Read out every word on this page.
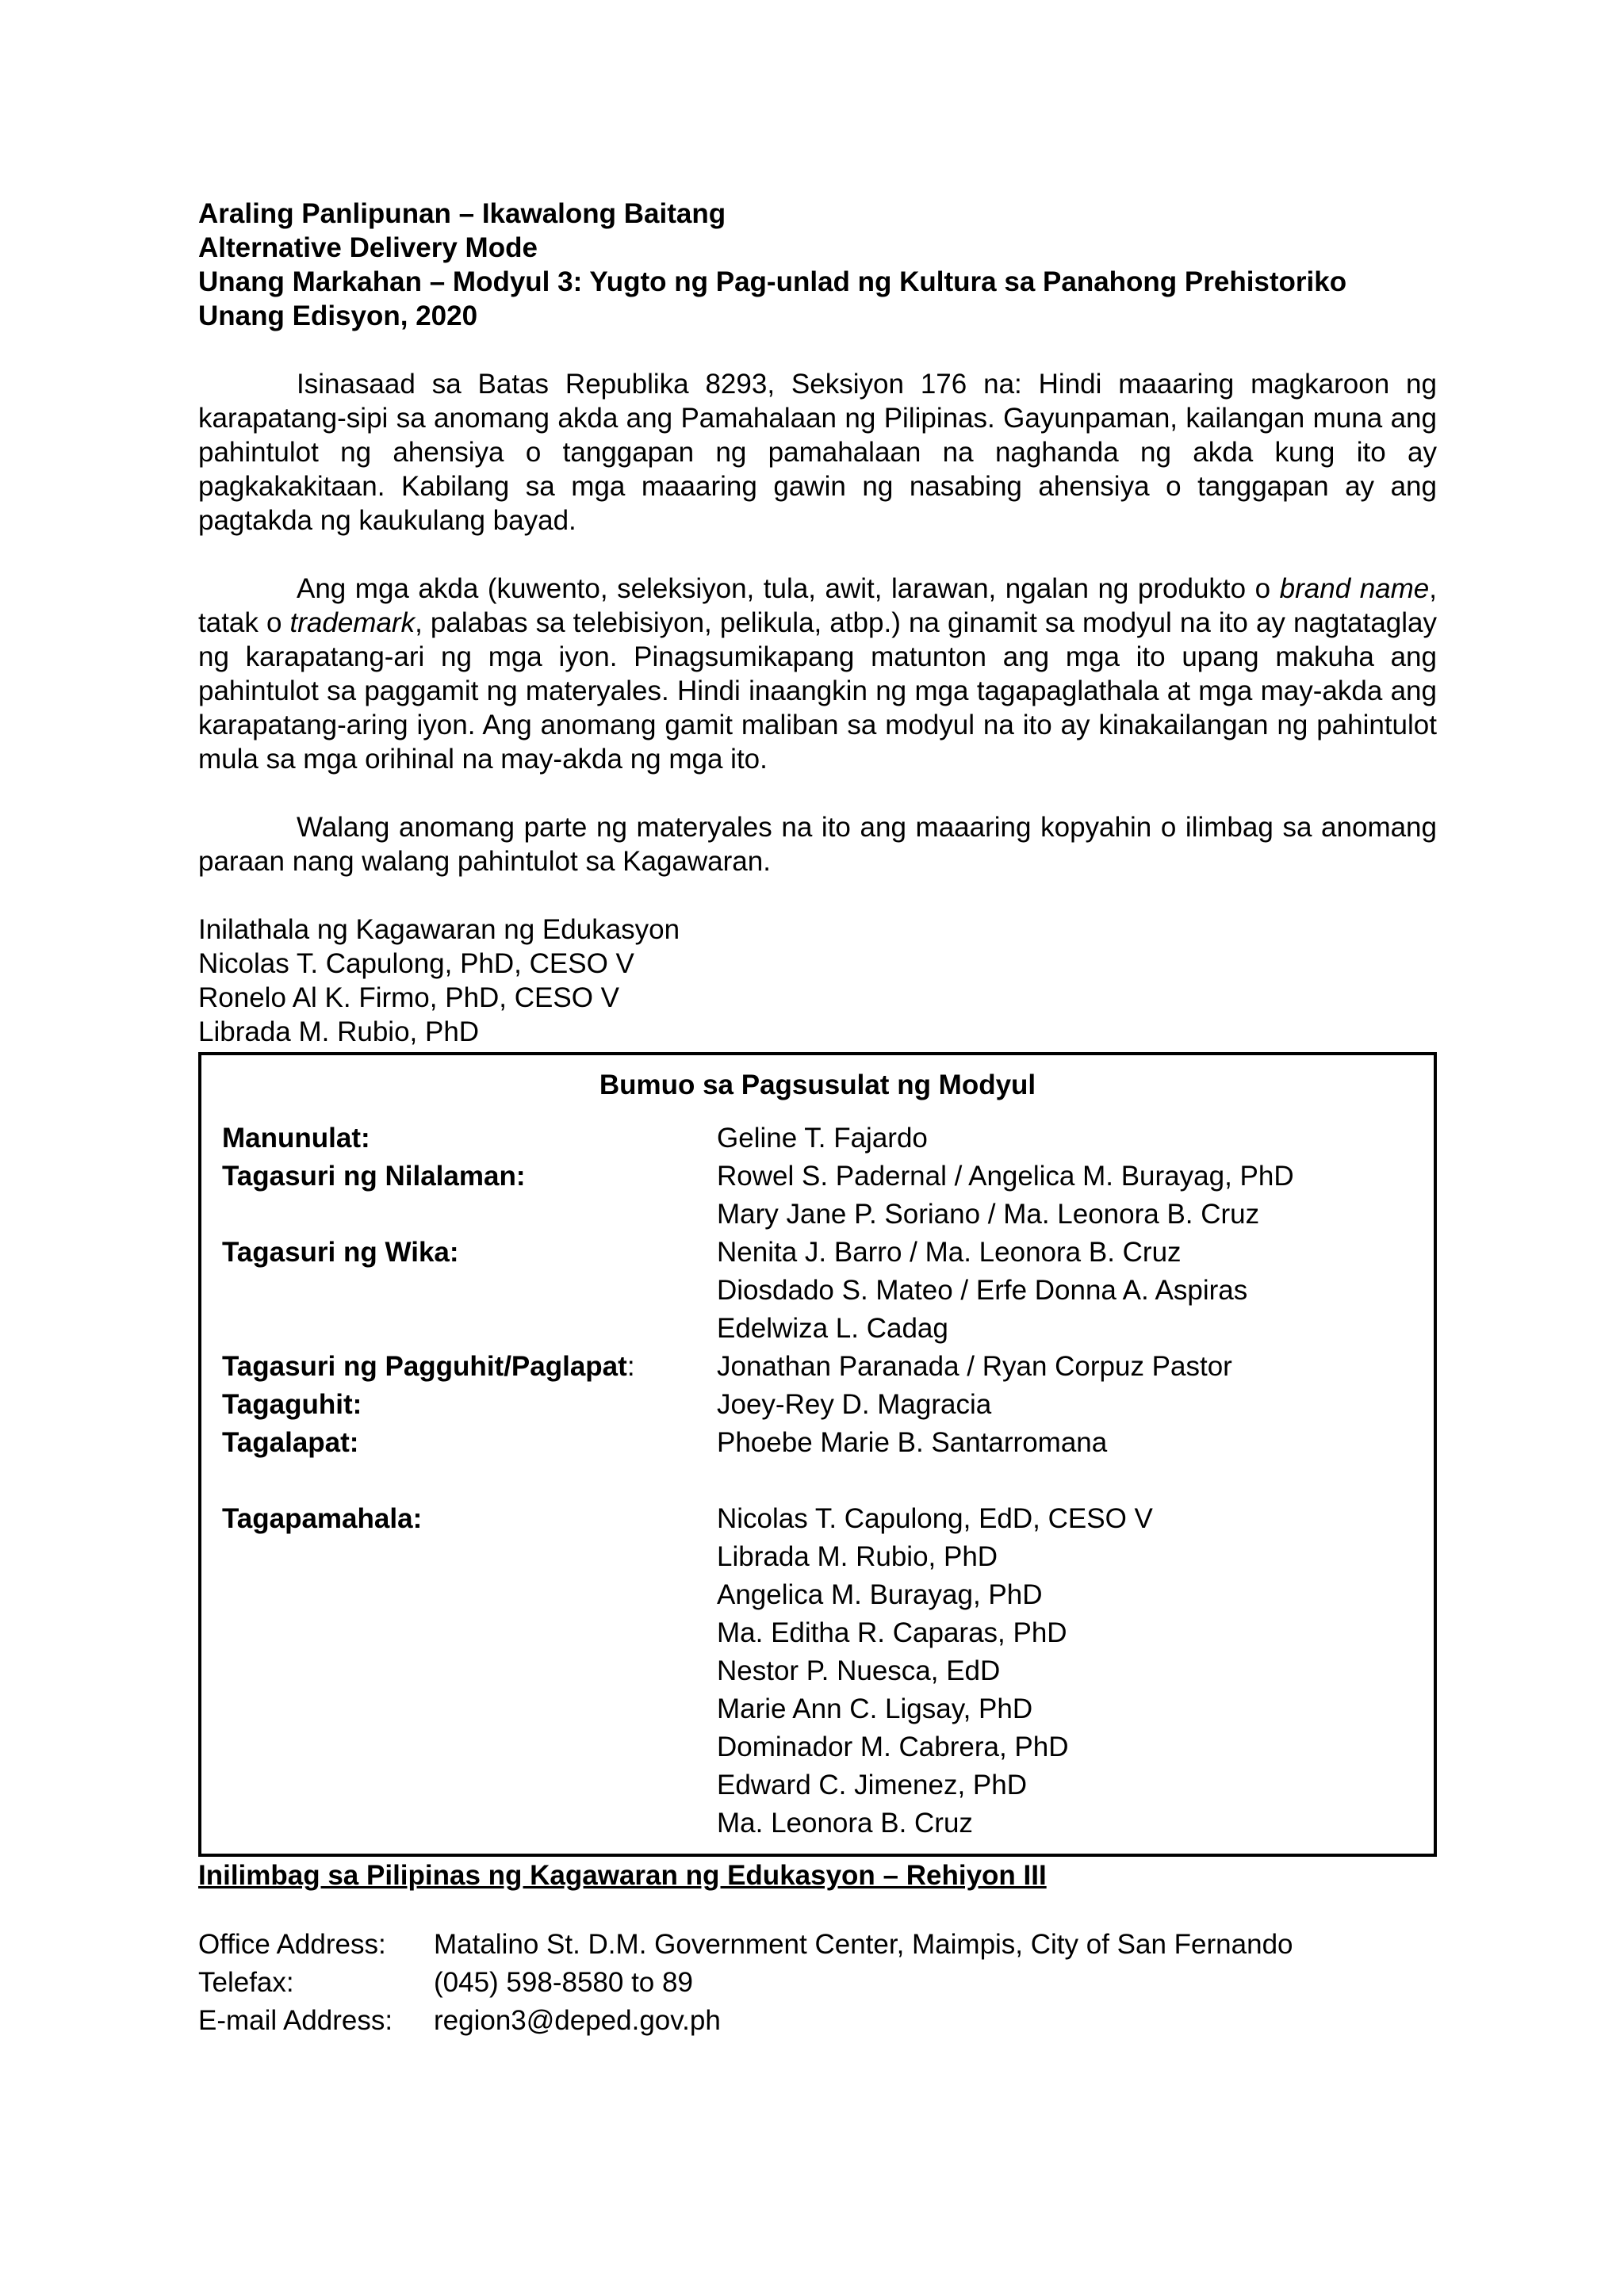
Araling Panlipunan – Ikawalong Baitang

Alternative Delivery Mode

Unang Markahan – Modyul 3: Yugto ng Pag-unlad ng Kultura sa Panahong Prehistoriko

Unang Edisyon, 2020

Isinasaad sa Batas Republika 8293, Seksiyon 176 na: Hindi maaaring magkaroon ng karapatang-sipi sa anomang akda ang Pamahalaan ng Pilipinas. Gayunpaman, kailangan muna ang pahintulot ng ahensiya o tanggapan ng pamahalaan na naghanda ng akda kung ito ay pagkakakitaan. Kabilang sa mga maaaring gawin ng nasabing ahensiya o tanggapan ay ang pagtakda ng kaukulang bayad.

Ang mga akda (kuwento, seleksiyon, tula, awit, larawan, ngalan ng produkto o brand name, tatak o trademark, palabas sa telebisiyon, pelikula, atbp.) na ginamit sa modyul na ito ay nagtataglay ng karapatang-ari ng mga iyon. Pinagsumikapang matunton ang mga ito upang makuha ang pahintulot sa paggamit ng materyales. Hindi inaangkin ng mga tagapaglathala at mga may-akda ang karapatang-aring iyon. Ang anomang gamit maliban sa modyul na ito ay kinakailangan ng pahintulot mula sa mga orihinal na may-akda ng mga ito.

Walang anomang parte ng materyales na ito ang maaaring kopyahin o ilimbag sa anomang paraan nang walang pahintulot sa Kagawaran.

Inilathala ng Kagawaran ng Edukasyon
Nicolas T. Capulong, PhD, CESO V
Ronelo Al K. Firmo, PhD, CESO V
Librada M. Rubio, PhD
Bumuo sa Pagsusulat ng Modyul
Manunulat:	Geline T. Fajardo
Tagasuri ng Nilalaman:	Rowel S. Padernal / Angelica M. Burayag, PhD
Mary Jane P. Soriano / Ma. Leonora B. Cruz
Tagasuri ng Wika:	Nenita J. Barro / Ma. Leonora B. Cruz
Diosdado S. Mateo / Erfe Donna A. Aspiras
Edelwiza L. Cadag
Tagasuri ng Pagguhit/Paglapat:	Jonathan Paranada / Ryan Corpuz Pastor
Tagaguhit:	Joey-Rey D. Magracia
Tagalapat:	Phoebe Marie B. Santarromana
Tagapamahala:	Nicolas T. Capulong, EdD, CESO V
Librada M. Rubio, PhD
Angelica M. Burayag, PhD
Ma. Editha R. Caparas, PhD
Nestor P. Nuesca, EdD
Marie Ann C. Ligsay, PhD
Dominador M. Cabrera, PhD
Edward C. Jimenez, PhD
Ma. Leonora B. Cruz
Inilimbag sa Pilipinas ng Kagawaran ng Edukasyon – Rehiyon III
Office Address:	Matalino St. D.M. Government Center, Maimpis, City of San Fernando
Telefax:	(045) 598-8580 to 89
E-mail Address:	region3@deped.gov.ph
